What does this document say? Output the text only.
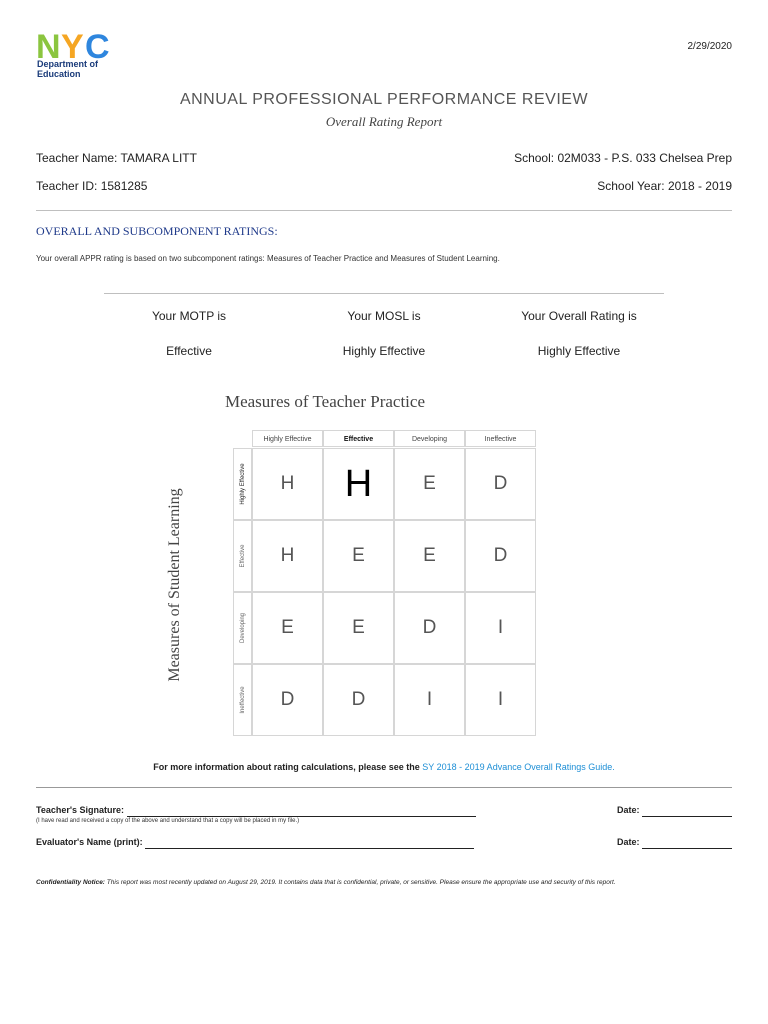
N Y C
Department of
Education
2/29/2020
ANNUAL PROFESSIONAL PERFORMANCE REVIEW
Overall Rating Report
Teacher Name: TAMARA LITT
Teacher ID: 1581285
School: 02M033 - P.S. 033 Chelsea Prep
School Year: 2018 - 2019
OVERALL AND SUBCOMPONENT RATINGS:
Your overall APPR rating is based on two subcomponent ratings: Measures of Teacher Practice and Measures of Student Learning.
Your MOTP is	Your MOSL is	Your Overall Rating is
Effective	Highly Effective	Highly Effective
Measures of Teacher Practice
Measures of Student Learning
Highly Effective	Effective	Developing	Ineffective
Highly Effective	H	H	E	D
Effective	H	E	E	D
Developing	E	E	D	I
Ineffective	D	D	I	I
For more information about rating calculations, please see the SY 2018 - 2019 Advance Overall Ratings Guide.
Teacher's Signature:
(I have read and received a copy of the above and understand that a copy will be placed in my file.)
Date:
Evaluator's Name (print):	Date:
Confidentiality Notice: This report was most recently updated on August 29, 2019. It contains data that is confidential, private, or sensitive. Please ensure the appropriate use and security of this report.
